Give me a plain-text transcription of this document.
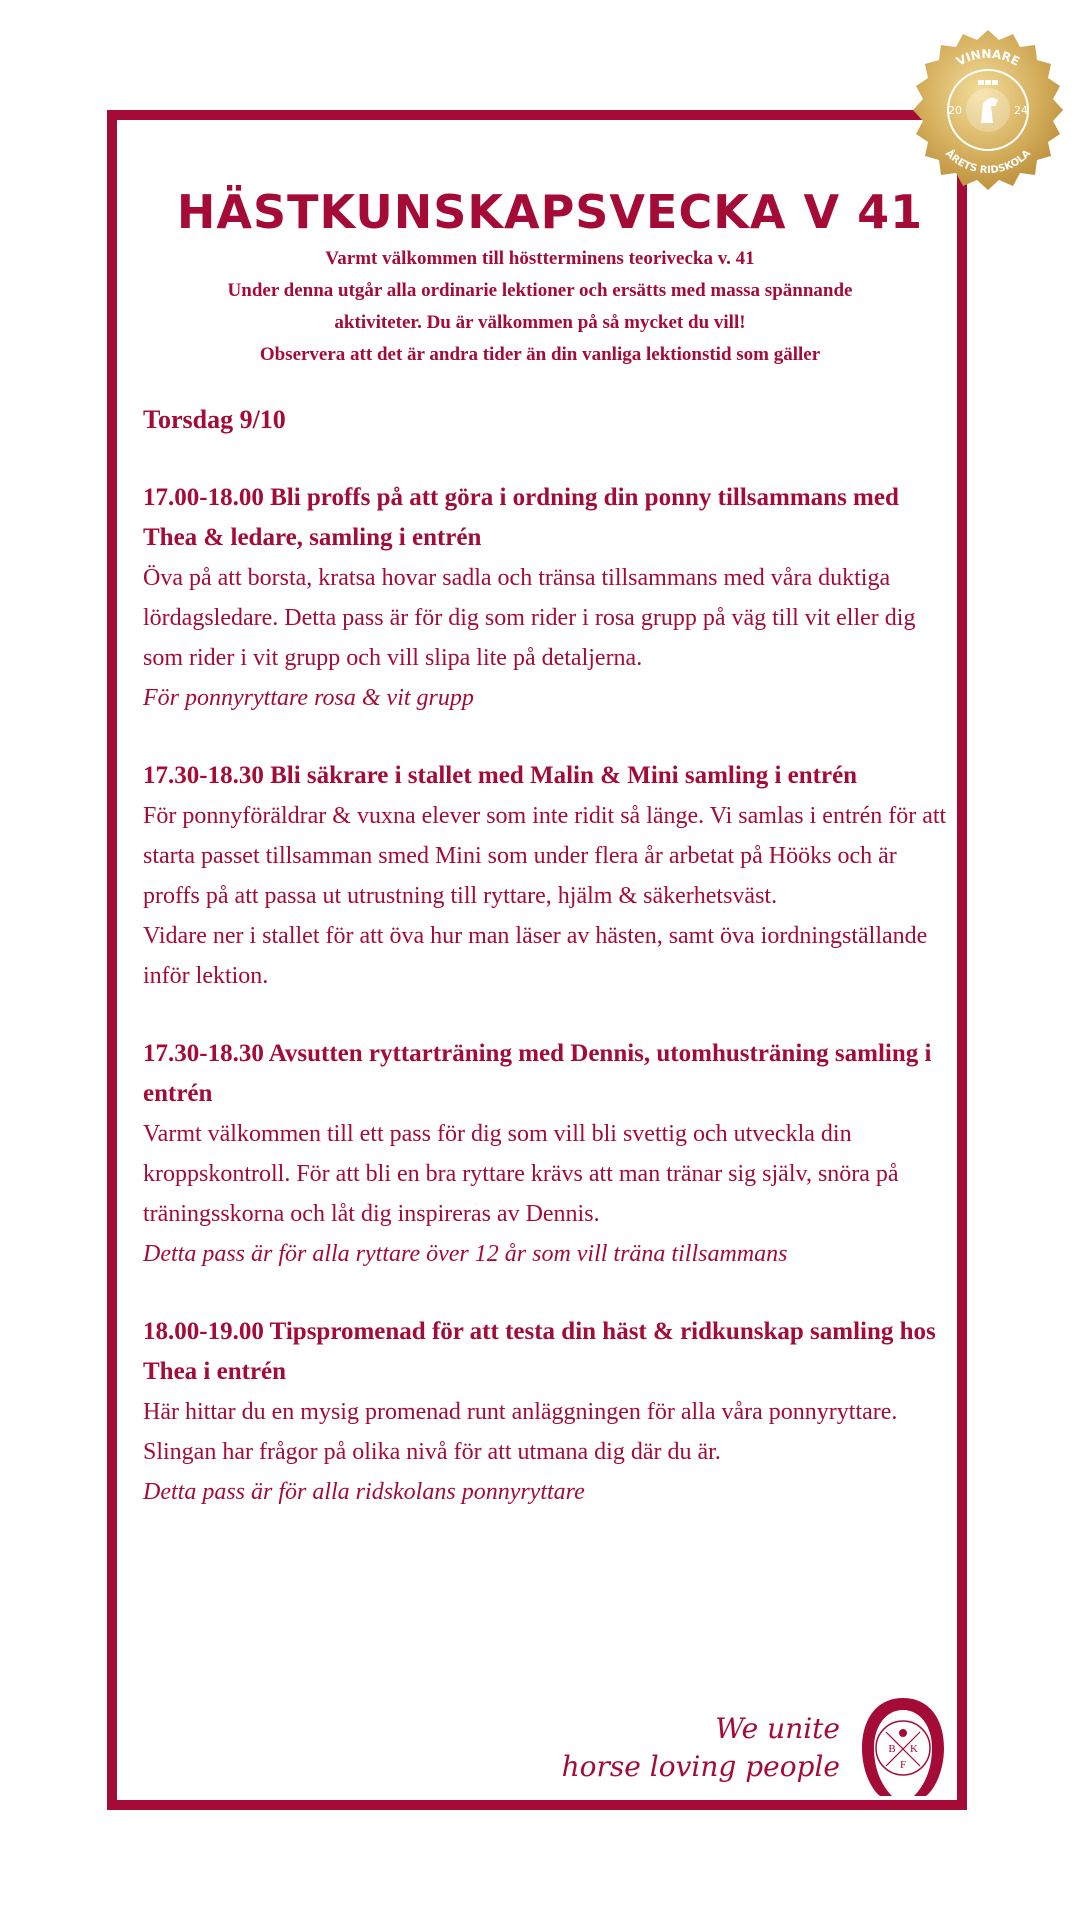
VINNARE
ÅRETS RIDSKOLA
20	24
HÄSTKUNSKAPSVECKA V 41
Varmt välkommen till höstterminens teorivecka v. 41
Under denna utgår alla ordinarie lektioner och ersätts med massa spännande
aktiviteter. Du är välkommen på så mycket du vill!
Observera att det är andra tider än din vanliga lektionstid som gäller
Torsdag 9/10
17.00-18.00 Bli proffs på att göra i ordning din ponny tillsammans med Thea & ledare, samling i entrén

Öva på att borsta, kratsa hovar sadla och tränsa tillsammans med våra duktiga lördagsledare. Detta pass är för dig som rider i rosa grupp på väg till vit eller dig som rider i vit grupp och vill slipa lite på detaljerna.

För ponnyryttare rosa & vit grupp

17.30-18.30 Bli säkrare i stallet med Malin & Mini samling i entrén

För ponnyföräldrar & vuxna elever som inte ridit så länge. Vi samlas i entrén för att starta passet tillsamman smed Mini som under flera år arbetat på Hööks och är proffs på att passa ut utrustning till ryttare, hjälm & säkerhetsväst.

Vidare ner i stallet för att öva hur man läser av hästen, samt öva iordningställande inför lektion.

17.30-18.30 Avsutten ryttarträning med Dennis, utomhusträning samling i entrén

Varmt välkommen till ett pass för dig som vill bli svettig och utveckla din kroppskontroll. För att bli en bra ryttare krävs att man tränar sig själv, snöra på träningsskorna och låt dig inspireras av Dennis.

Detta pass är för alla ryttare över 12 år som vill träna tillsammans

18.00-19.00 Tipspromenad för att testa din häst & ridkunskap samling hos Thea i entrén

Här hittar du en mysig promenad runt anläggningen för alla våra ponnyryttare. Slingan har frågor på olika nivå för att utmana dig där du är.

Detta pass är för alla ridskolans ponnyryttare

We unite
horse loving people
B K
F
HÖKS FÄLTRITTKLUBB
